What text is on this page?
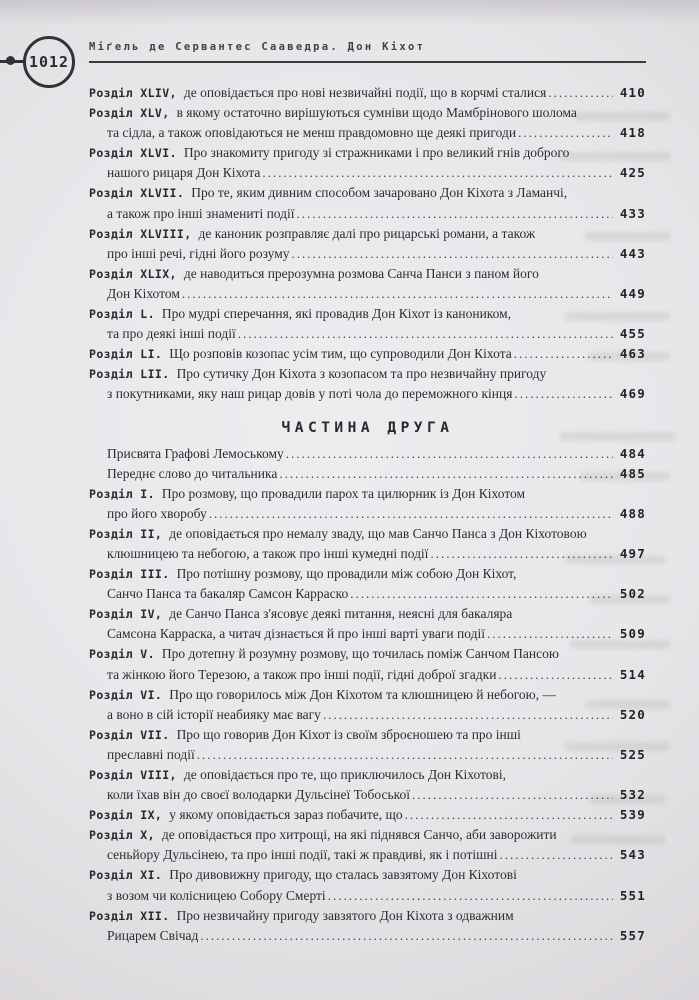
1012
Міґель де Сервантес Сааведра. Дон Кіхот
Розділ XLIV, де оповідається про нові незвичайні події, що в корчмі сталися .....	410
Розділ XLV, в якому остаточно вирішуються сумніви щодо Мамбрінового шолома
та сідла, а також оповідаються не менш правдомовно ще деякі пригоди .....	418
Розділ XLVI. Про знакомиту пригоду зі стражниками і про великий гнів доброго
нашого рицаря Дон Кіхота .....	425
Розділ XLVII. Про те, яким дивним способом зачаровано Дон Кіхота з Ламанчі,
а також про інші знамениті події .....	433
Розділ XLVIII, де каноник розправляє далі про рицарські романи, а також
про інші речі, гідні його розуму .....	443
Розділ XLIX, де наводиться прерозумна розмова Санча Панси з паном його
Дон Кіхотом .....	449
Розділ L. Про мудрі сперечання, які провадив Дон Кіхот із каноником,
та про деякі інші події .....	455
Розділ LI. Що розповів козопас усім тим, що супроводили Дон Кіхота .....	463
Розділ LII. Про сутичку Дон Кіхота з козопасом та про незвичайну пригоду
з покутниками, яку наш рицар довів у поті чола до переможного кінця .....	469
ЧАСТИНА ДРУГА
Присвята Графові Лемоському .....	484
Переднє слово до читальника .....	485
Розділ I. Про розмову, що провадили парох та цилюрник із Дон Кіхотом
про його хворобу .....	488
Розділ II, де оповідається про немалу зваду, що мав Санчо Панса з Дон Кіхотовою
клюшницею та небогою, а також про інші кумедні події .....	497
Розділ III. Про потішну розмову, що провадили між собою Дон Кіхот,
Санчо Панса та бакаляр Самсон Карраско .....	502
Розділ IV, де Санчо Панса з'ясовує деякі питання, неясні для бакаляра
Самсона Карраска, а читач дізнається й про інші варті уваги події .....	509
Розділ V. Про дотепну й розумну розмову, що точилась поміж Санчом Пансою
та жінкою його Терезою, а також про інші події, гідні доброї згадки .....	514
Розділ VI. Про що говорилось між Дон Кіхотом та клюшницею й небогою, —
а воно в сій історії неабияку має вагу .....	520
Розділ VII. Про що говорив Дон Кіхот із своїм зброєношею та про інші
преславні події .....	525
Розділ VIII, де оповідається про те, що приключилось Дон Кіхотові,
коли їхав він до своєї володарки Дульсінеї Тобоської .....	532
Розділ IX, у якому оповідається зараз побачите, що .....	539
Розділ X, де оповідається про хитрощі, на які піднявся Санчо, аби заворожити
сеньйору Дульсінею, та про інші події, такі ж правдиві, як і потішні .....	543
Розділ XI. Про дивовижну пригоду, що сталась завзятому Дон Кіхотові
з возом чи колісницею Собору Смерті .....	551
Розділ XII. Про незвичайну пригоду завзятого Дон Кіхота з одважним
Рицарем Свічад .....	557
